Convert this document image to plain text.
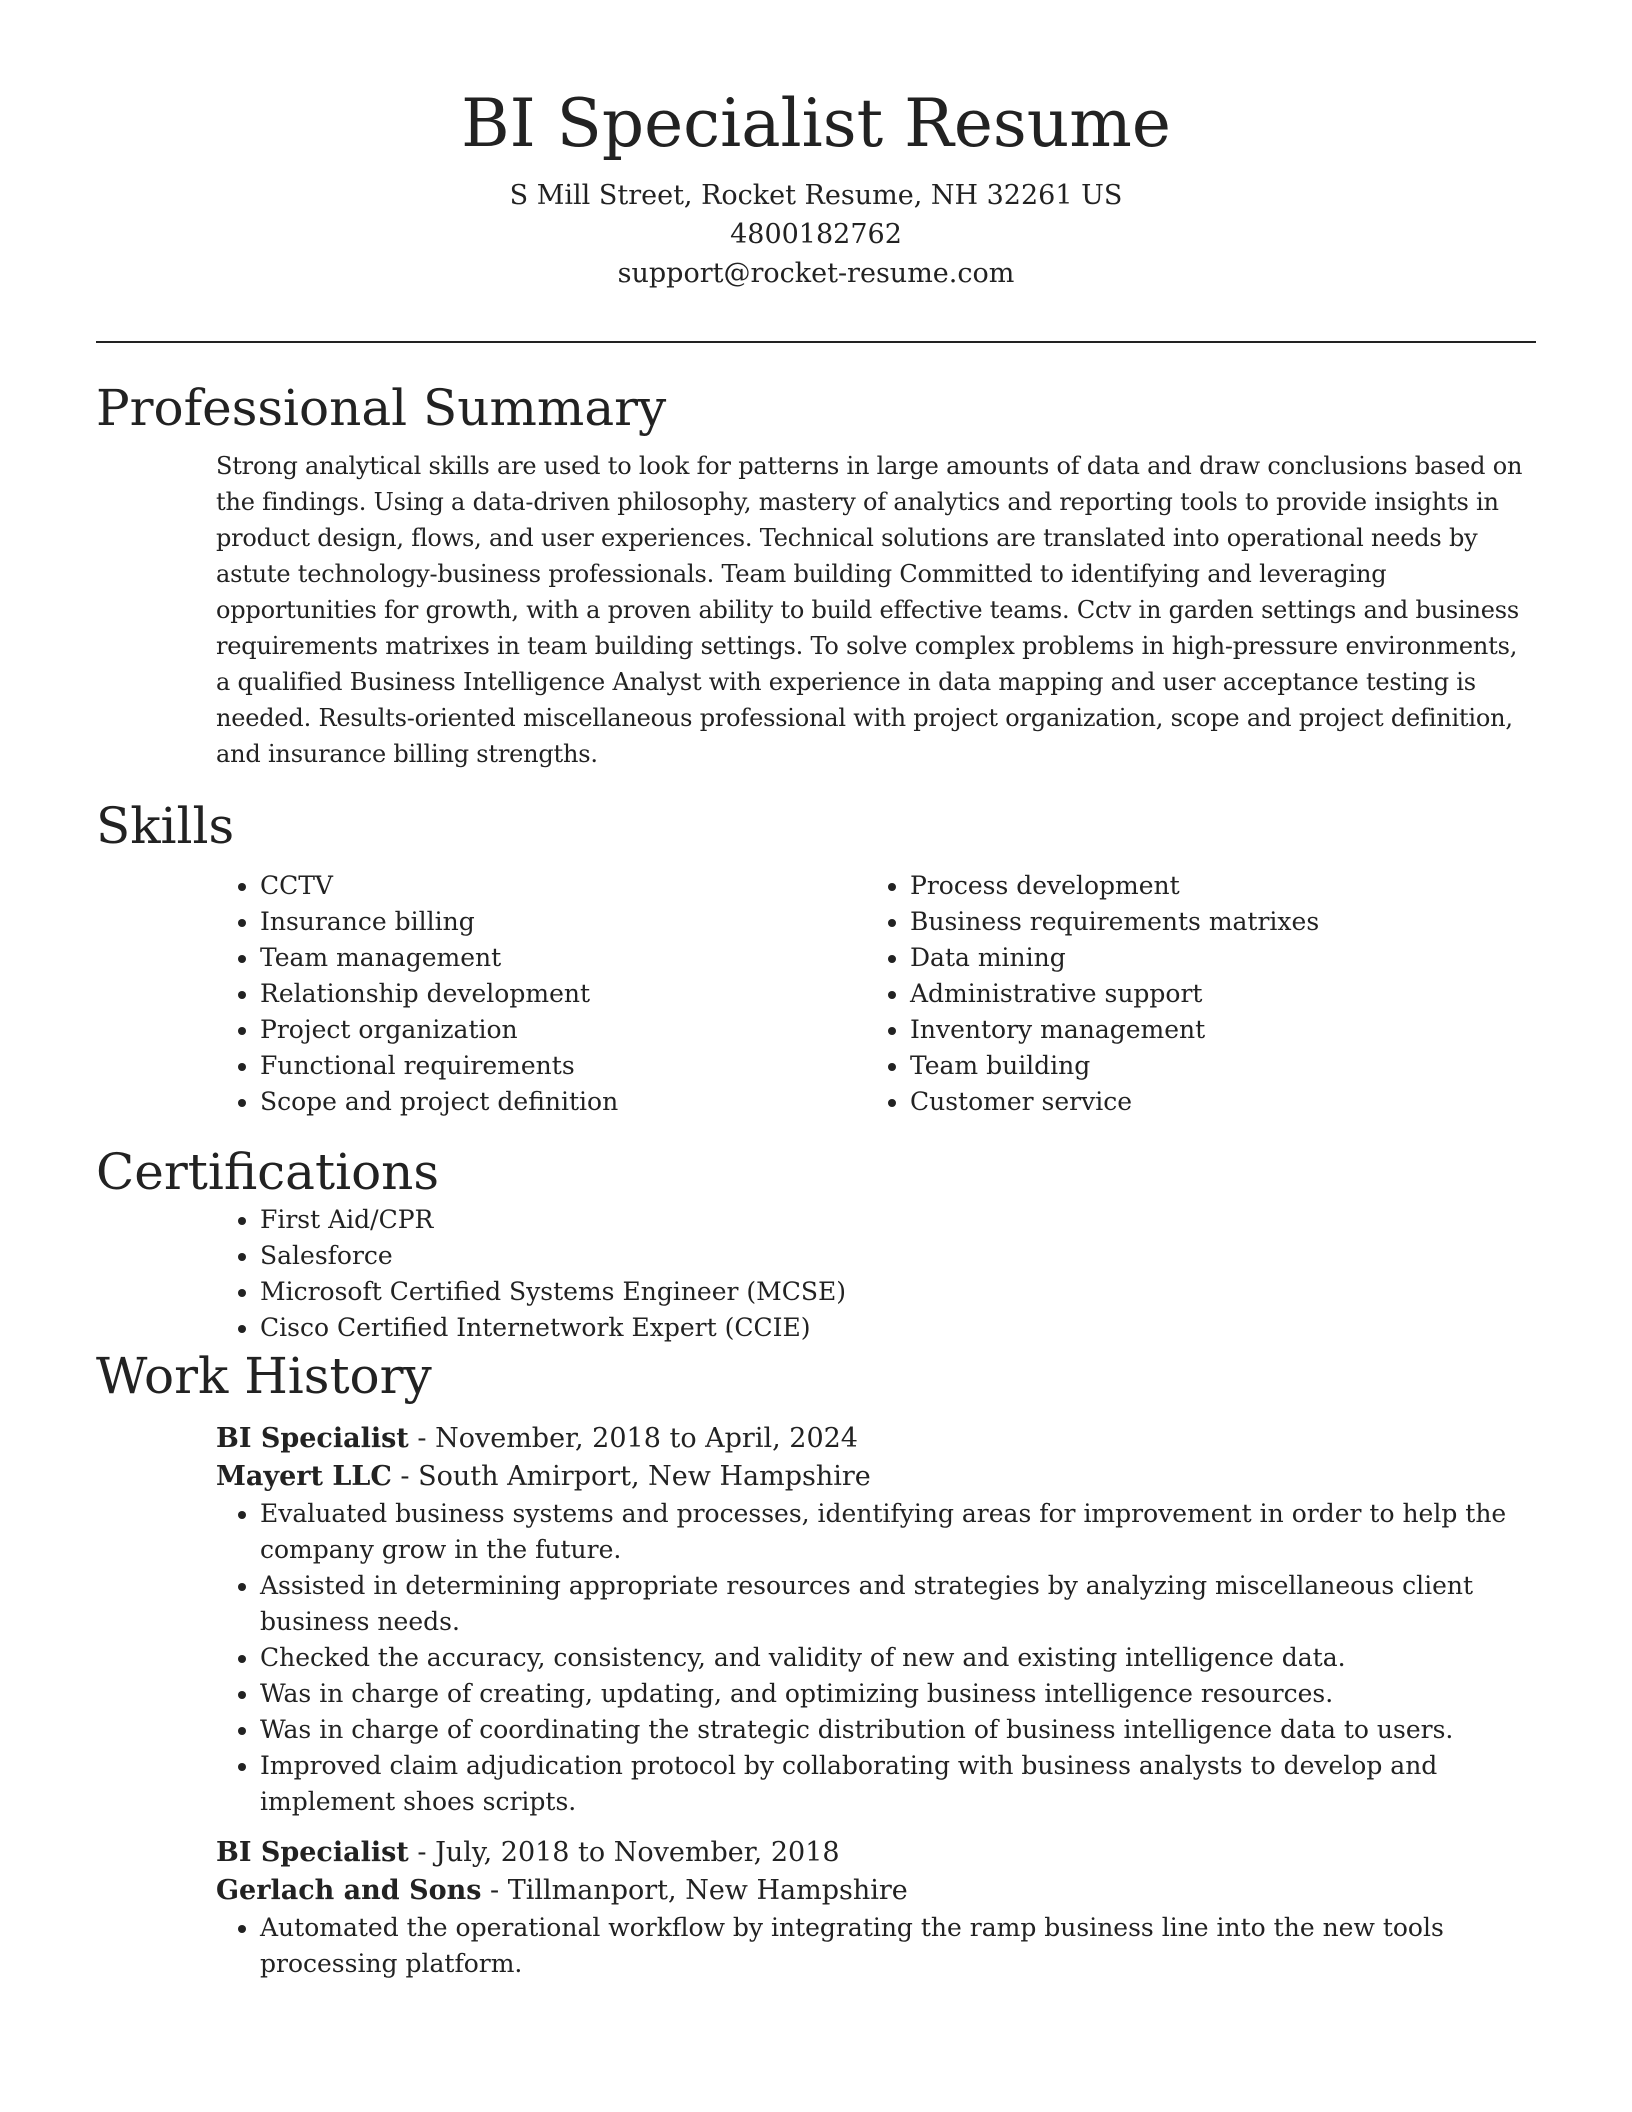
BI Specialist Resume
S Mill Street, Rocket Resume, NH 32261 US
4800182762
support@rocket-resume.com
Professional Summary

Strong analytical skills are used to look for patterns in large amounts of data and draw conclusions based on the findings. Using a data-driven philosophy, mastery of analytics and reporting tools to provide insights in product design, flows, and user experiences. Technical solutions are translated into operational needs by astute technology-business professionals. Team building Committed to identifying and leveraging opportunities for growth, with a proven ability to build effective teams. Cctv in garden settings and business requirements matrixes in team building settings. To solve complex problems in high-pressure environments, a qualified Business Intelligence Analyst with experience in data mapping and user acceptance testing is needed. Results-oriented miscellaneous professional with project organization, scope and project definition, and insurance billing strengths.

Skills
• CCTV
• Insurance billing
• Team management
• Relationship development
• Project organization
• Functional requirements
• Scope and project definition
• Process development
• Business requirements matrixes
• Data mining
• Administrative support
• Inventory management
• Team building
• Customer service
Certifications
• First Aid/CPR
• Salesforce
• Microsoft Certified Systems Engineer (MCSE)
• Cisco Certified Internetwork Expert (CCIE)
Work History
BI Specialist - November, 2018 to April, 2024
Mayert LLC - South Amirport, New Hampshire
• Evaluated business systems and processes, identifying areas for improvement in order to help the company grow in the future.
• Assisted in determining appropriate resources and strategies by analyzing miscellaneous client business needs.
• Checked the accuracy, consistency, and validity of new and existing intelligence data.
• Was in charge of creating, updating, and optimizing business intelligence resources.
• Was in charge of coordinating the strategic distribution of business intelligence data to users.
• Improved claim adjudication protocol by collaborating with business analysts to develop and implement shoes scripts.
BI Specialist - July, 2018 to November, 2018
Gerlach and Sons - Tillmanport, New Hampshire
• Automated the operational workflow by integrating the ramp business line into the new tools processing platform.
